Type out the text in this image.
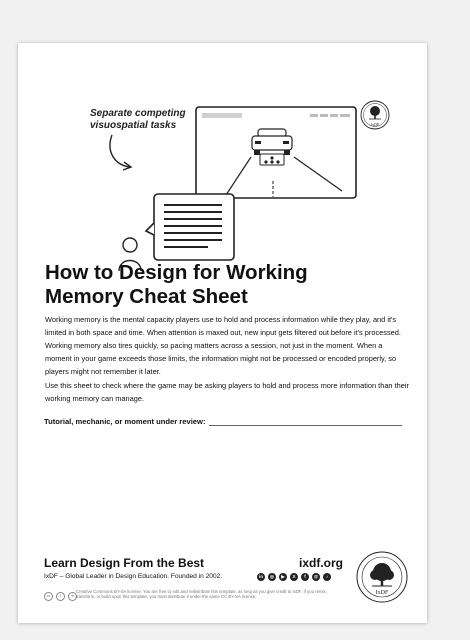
Separate competing
visuospatial tasks	IxDF
How to Design for Working Memory Cheat Sheet

Working memory is the mental capacity players use to hold and process information while they play, and it's limited in both space and time. When attention is maxed out, new input gets filtered out before it's processed. Working memory also tires quickly, so pacing matters across a session, not just in the moment. When a moment in your game exceeds those limits, the information might not be processed or encoded properly, so players might not remember it later.

Use this sheet to check where the game may be asking players to hold and process more information than their working memory can manage.

Tutorial, mechanic, or moment under review:
Learn Design From the Best	ixdf.org
IxDF – Global Leader in Design Education. Founded in 2002.	in	◎	▶	X	f	@	♪
cc	i	⟲

Creative Commons BY-SA license: You are free to edit and redistribute this template, as long as you give credit to IxDF. If you remix, transform, or build upon this template, you must distribute it under the same CC BY-SA license.

IxDF
